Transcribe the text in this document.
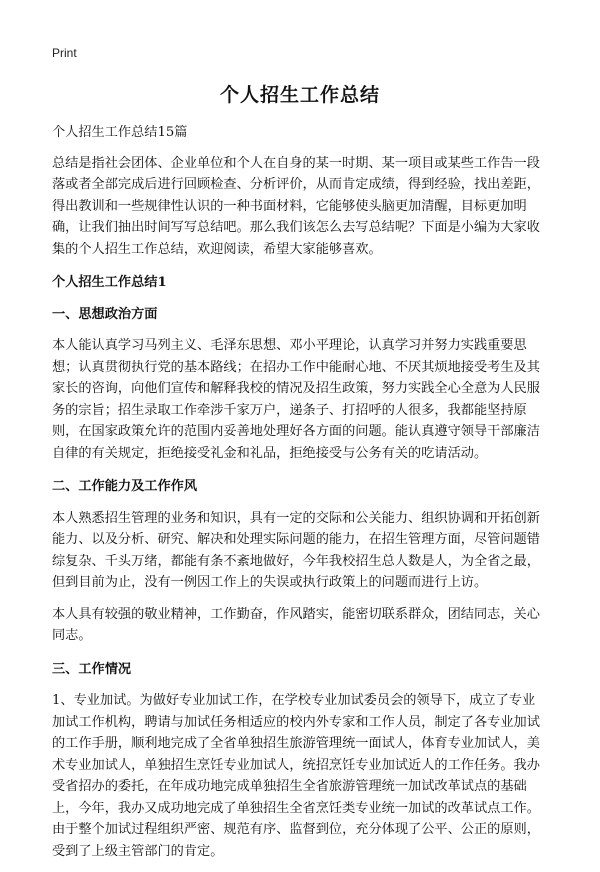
Print
个人招生工作总结

个人招生工作总结15篇

总结是指社会团体、企业单位和个人在自身的某一时期、某一项目或某些工作告一段落或者全部完成后进行回顾检查、分析评价，从而肯定成绩，得到经验，找出差距，得出教训和一些规律性认识的一种书面材料，它能够使头脑更加清醒，目标更加明确，让我们抽出时间写写总结吧。那么我们该怎么去写总结呢？下面是小编为大家收集的个人招生工作总结，欢迎阅读，希望大家能够喜欢。

个人招生工作总结1

一、思想政治方面

本人能认真学习马列主义、毛泽东思想、邓小平理论，认真学习并努力实践重要思想；认真贯彻执行党的基本路线；在招办工作中能耐心地、不厌其烦地接受考生及其家长的咨询，向他们宣传和解释我校的情况及招生政策，努力实践全心全意为人民服务的宗旨；招生录取工作牵涉千家万户，递条子、打招呼的人很多，我都能坚持原则，在国家政策允许的范围内妥善地处理好各方面的问题。能认真遵守领导干部廉洁自律的有关规定，拒绝接受礼金和礼品，拒绝接受与公务有关的吃请活动。

二、工作能力及工作作风

本人熟悉招生管理的业务和知识，具有一定的交际和公关能力、组织协调和开拓创新能力、以及分析、研究、解决和处理实际问题的能力，在招生管理方面，尽管问题错综复杂、千头万绪，都能有条不紊地做好，今年我校招生总人数是人，为全省之最，但到目前为止，没有一例因工作上的失误或执行政策上的问题而进行上访。

本人具有较强的敬业精神，工作勤奋，作风踏实，能密切联系群众，团结同志，关心同志。

三、工作情况

1、专业加试。为做好专业加试工作，在学校专业加试委员会的领导下，成立了专业加试工作机构，聘请与加试任务相适应的校内外专家和工作人员，制定了各专业加试的工作手册，顺利地完成了全省单独招生旅游管理统一面试人，体育专业加试人，美术专业加试人，单独招生烹饪专业加试人，统招烹饪专业加试近人的工作任务。我办受省招办的委托，在年成功地完成单独招生全省旅游管理统一加试改革试点的基础上，今年，我办又成功地完成了单独招生全省烹饪类专业统一加试的改革试点工作。由于整个加试过程组织严密、规范有序、监督到位，充分体现了公平、公正的原则，受到了上级主管部门的肯定。
